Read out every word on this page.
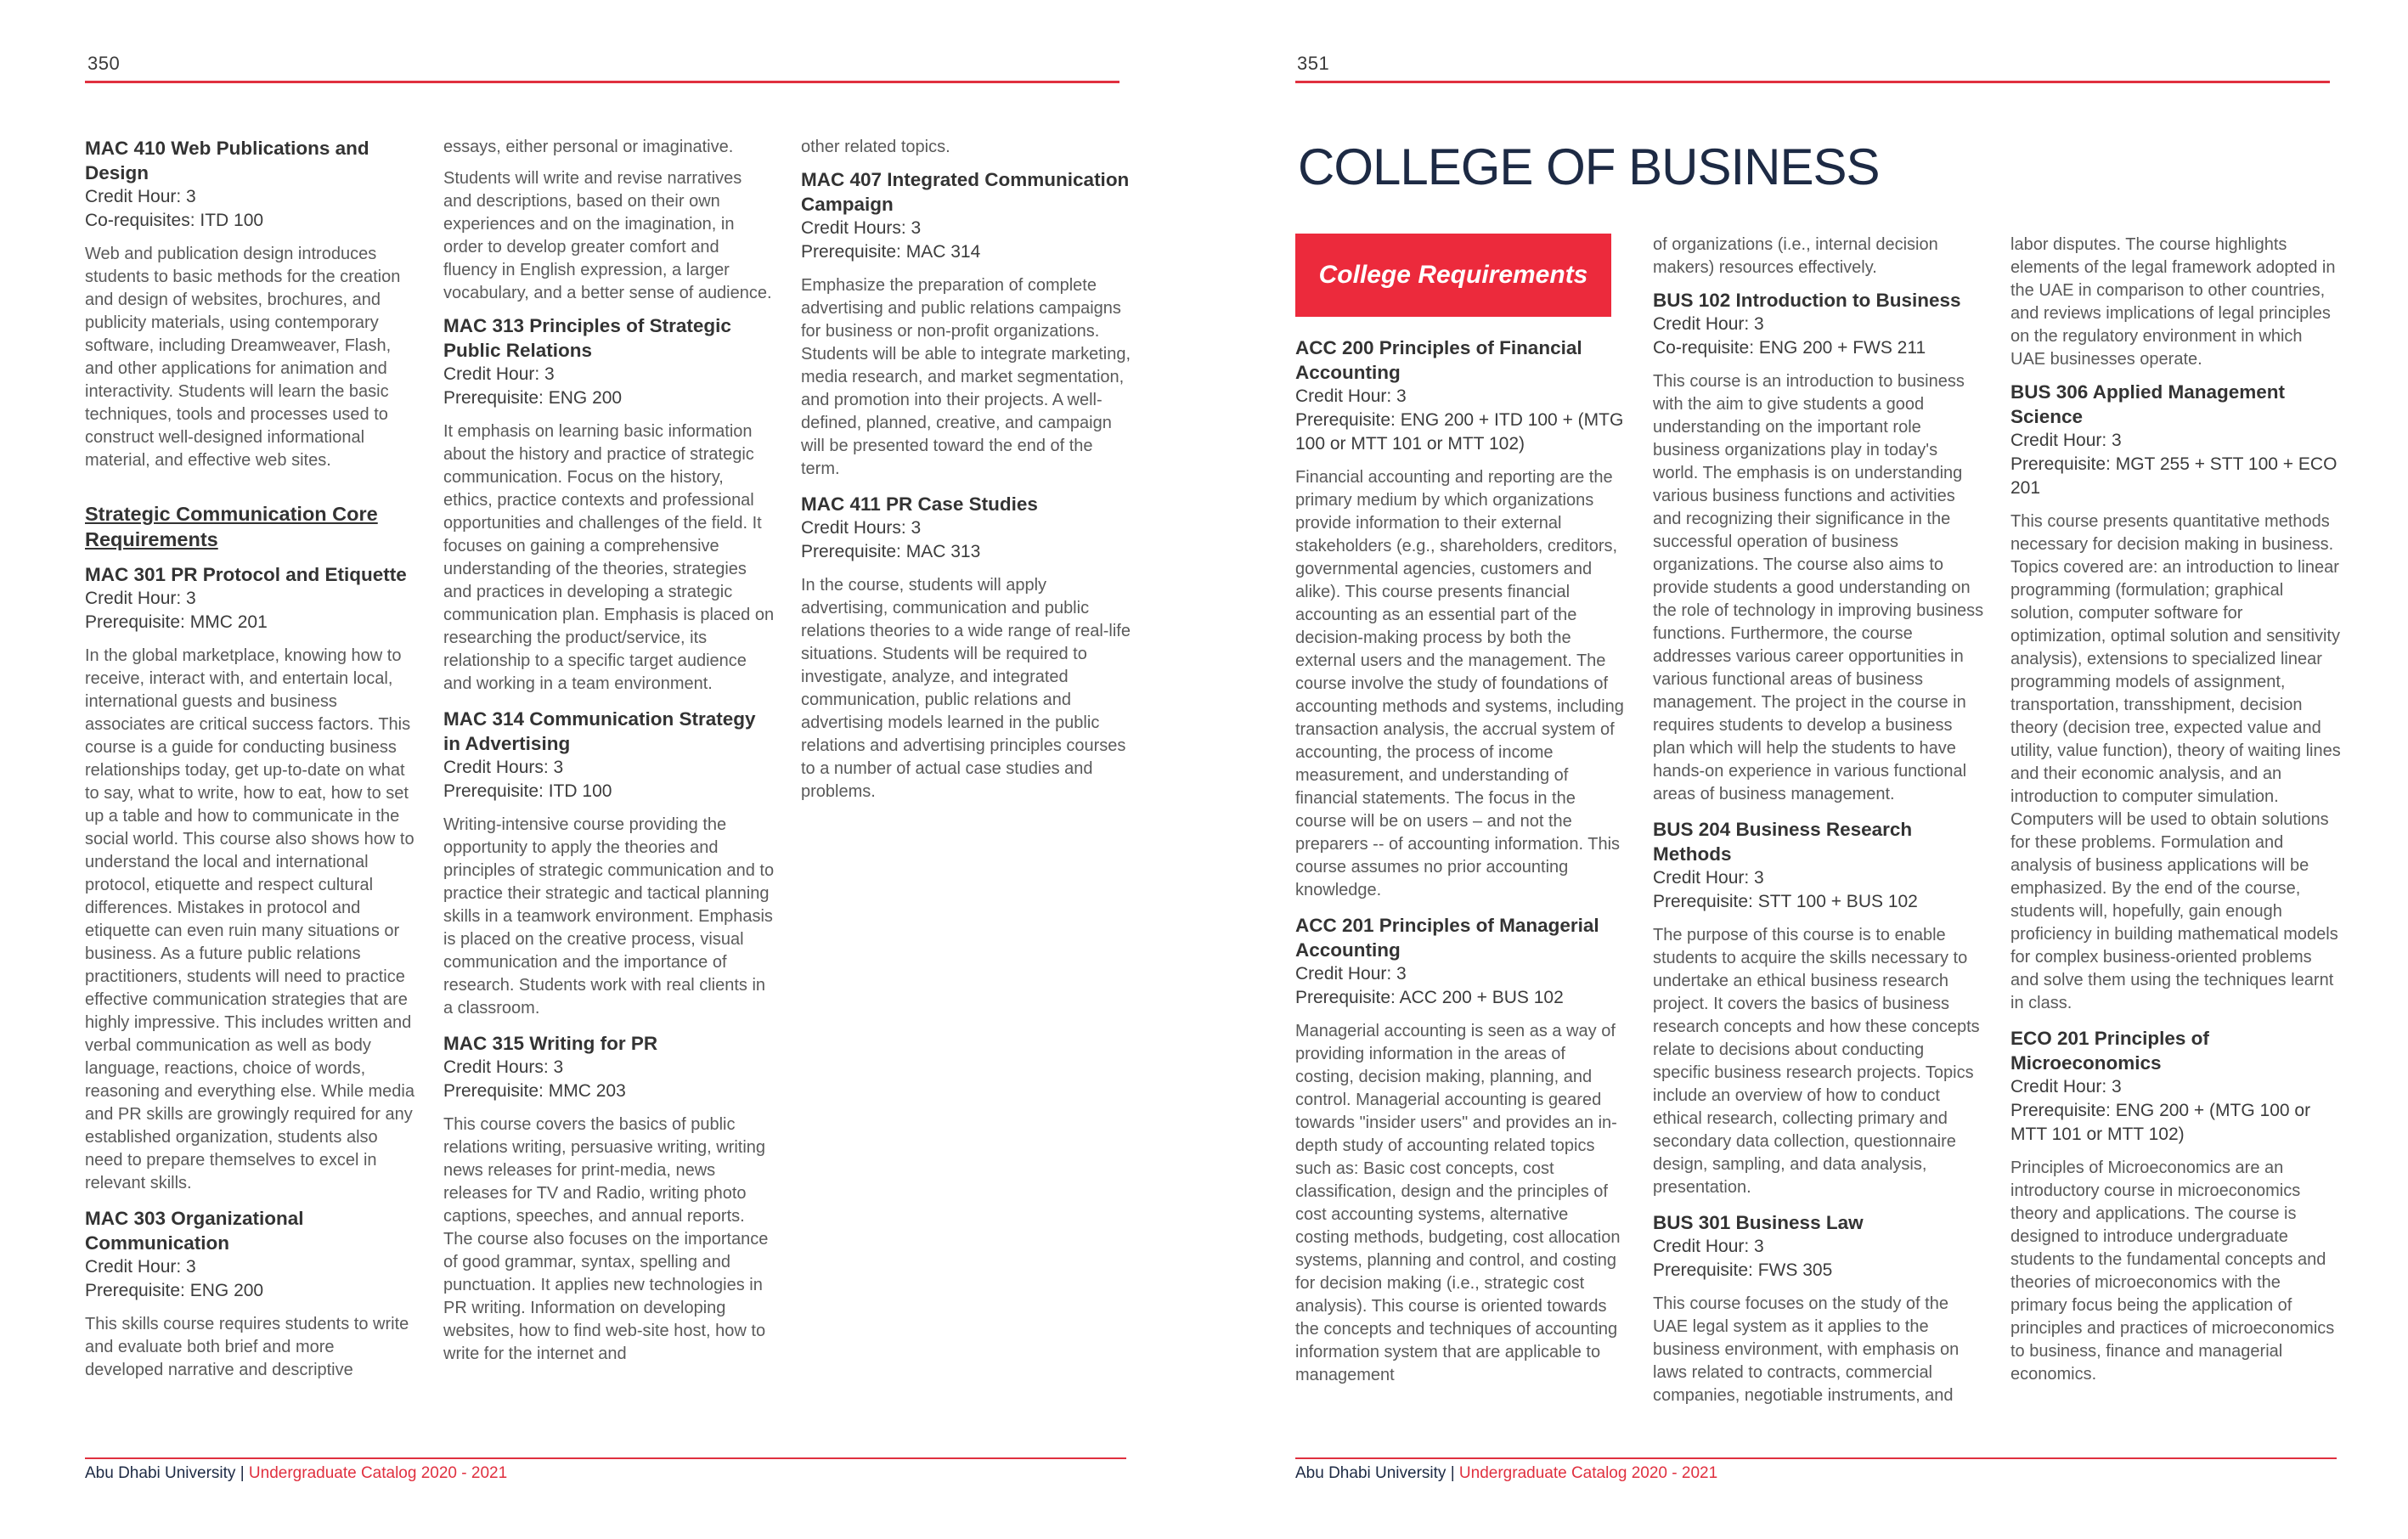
350
MAC 410 Web Publications and Design
Credit Hour: 3
Co-requisites: ITD 100
Web and publication design introduces students to basic methods for the creation and design of websites, brochures, and publicity materials, using contemporary software, including Dreamweaver, Flash, and other applications for animation and interactivity. Students will learn the basic techniques, tools and processes used to construct well-designed informational material, and effective web sites.
Strategic Communication Core Requirements
MAC 301 PR Protocol and Etiquette
Credit Hour: 3
Prerequisite: MMC 201
In the global marketplace, knowing how to receive, interact with, and entertain local, international guests and business associates are critical success factors. This course is a guide for conducting business relationships today, get up-to-date on what to say, what to write, how to eat, how to set up a table and how to communicate in the social world. This course also shows how to understand the local and international protocol, etiquette and respect cultural differences. Mistakes in protocol and etiquette can even ruin many situations or business. As a future public relations practitioners, students will need to practice effective communication strategies that are highly impressive. This includes written and verbal communication as well as body language, reactions, choice of words, reasoning and everything else. While media and PR skills are growingly required for any established organization, students also need to prepare themselves to excel in relevant skills.
MAC 303 Organizational Communication
Credit Hour: 3
Prerequisite: ENG 200
This skills course requires students to write and evaluate both brief and more developed narrative and descriptive
essays, either personal or imaginative.
Students will write and revise narratives and descriptions, based on their own experiences and on the imagination, in order to develop greater comfort and fluency in English expression, a larger vocabulary, and a better sense of audience.
MAC 313 Principles of Strategic Public Relations
Credit Hour: 3
Prerequisite: ENG 200
It emphasis on learning basic information about the history and practice of strategic communication. Focus on the history, ethics, practice contexts and professional opportunities and challenges of the field. It focuses on gaining a comprehensive understanding of the theories, strategies and practices in developing a strategic communication plan. Emphasis is placed on researching the product/service, its relationship to a specific target audience and working in a team environment.
MAC 314 Communication Strategy in Advertising
Credit Hours: 3
Prerequisite: ITD 100
Writing-intensive course providing the opportunity to apply the theories and principles of strategic communication and to practice their strategic and tactical planning skills in a teamwork environment. Emphasis is placed on the creative process, visual communication and the importance of research. Students work with real clients in a classroom.
MAC 315 Writing for PR
Credit Hours: 3
Prerequisite: MMC 203
This course covers the basics of public relations writing, persuasive writing, writing news releases for print-media, news releases for TV and Radio, writing photo captions, speeches, and annual reports. The course also focuses on the importance of good grammar, syntax, spelling and punctuation. It applies new technologies in PR writing. Information on developing websites, how to find web-site host, how to write for the internet and
other related topics.
MAC 407 Integrated Communication Campaign
Credit Hours: 3
Prerequisite: MAC 314
Emphasize the preparation of complete advertising and public relations campaigns for business or non-profit organizations. Students will be able to integrate marketing, media research, and market segmentation, and promotion into their projects. A well-defined, planned, creative, and campaign will be presented toward the end of the term.
MAC 411 PR Case Studies
Credit Hours: 3
Prerequisite: MAC 313
In the course, students will apply advertising, communication and public relations theories to a wide range of real-life situations. Students will be required to investigate, analyze, and integrated communication, public relations and advertising models learned in the public relations and advertising principles courses to a number of actual case studies and problems.
Abu Dhabi University | Undergraduate Catalog 2020 - 2021
351
COLLEGE OF BUSINESS
College Requirements
ACC 200 Principles of Financial Accounting
Credit Hour: 3
Prerequisite: ENG 200 + ITD 100 + (MTG 100 or MTT 101 or MTT 102)
Financial accounting and reporting are the primary medium by which organizations provide information to their external stakeholders (e.g., shareholders, creditors, governmental agencies, customers and alike). This course presents financial accounting as an essential part of the decision-making process by both the external users and the management. The course involve the study of foundations of accounting methods and systems, including transaction analysis, the accrual system of accounting, the process of income measurement, and understanding of financial statements. The focus in the course will be on users – and not the preparers -- of accounting information. This course assumes no prior accounting knowledge.
ACC 201 Principles of Managerial Accounting
Credit Hour: 3
Prerequisite: ACC 200 + BUS 102
Managerial accounting is seen as a way of providing information in the areas of costing, decision making, planning, and control. Managerial accounting is geared towards "insider users" and provides an in-depth study of accounting related topics such as: Basic cost concepts, cost classification, design and the principles of cost accounting systems, alternative costing methods, budgeting, cost allocation systems, planning and control, and costing for decision making (i.e., strategic cost analysis). This course is oriented towards the concepts and techniques of accounting information system that are applicable to management
of organizations (i.e., internal decision makers) resources effectively.
BUS 102 Introduction to Business
Credit Hour: 3
Co-requisite: ENG 200 + FWS 211
This course is an introduction to business with the aim to give students a good understanding on the important role business organizations play in today's world. The emphasis is on understanding various business functions and activities and recognizing their significance in the successful operation of business organizations. The course also aims to provide students a good understanding on the role of technology in improving business functions. Furthermore, the course addresses various career opportunities in various functional areas of business management. The project in the course in requires students to develop a business plan which will help the students to have hands-on experience in various functional areas of business management.
BUS 204 Business Research Methods
Credit Hour: 3
Prerequisite: STT 100 + BUS 102
The purpose of this course is to enable students to acquire the skills necessary to undertake an ethical business research project. It covers the basics of business research concepts and how these concepts relate to decisions about conducting specific business research projects. Topics include an overview of how to conduct ethical research, collecting primary and secondary data collection, questionnaire design, sampling, and data analysis, presentation.
BUS 301 Business Law
Credit Hour: 3
Prerequisite: FWS 305
This course focuses on the study of the UAE legal system as it applies to the business environment, with emphasis on laws related to contracts, commercial companies, negotiable instruments, and
labor disputes. The course highlights elements of the legal framework adopted in the UAE in comparison to other countries, and reviews implications of legal principles on the regulatory environment in which UAE businesses operate.
BUS 306 Applied Management Science
Credit Hour: 3
Prerequisite: MGT 255 + STT 100 + ECO 201
This course presents quantitative methods necessary for decision making in business. Topics covered are: an introduction to linear programming (formulation; graphical solution, computer software for optimization, optimal solution and sensitivity analysis), extensions to specialized linear programming models of assignment, transportation, transshipment, decision theory (decision tree, expected value and utility, value function), theory of waiting lines and their economic analysis, and an introduction to computer simulation. Computers will be used to obtain solutions for these problems. Formulation and analysis of business applications will be emphasized. By the end of the course, students will, hopefully, gain enough proficiency in building mathematical models for complex business-oriented problems and solve them using the techniques learnt in class.
ECO 201 Principles of Microeconomics
Credit Hour: 3
Prerequisite: ENG 200 + (MTG 100 or MTT 101 or MTT 102)
Principles of Microeconomics are an introductory course in microeconomics theory and applications. The course is designed to introduce undergraduate students to the fundamental concepts and theories of microeconomics with the primary focus being the application of principles and practices of microeconomics to business, finance and managerial economics.
Abu Dhabi University | Undergraduate Catalog 2020 - 2021
